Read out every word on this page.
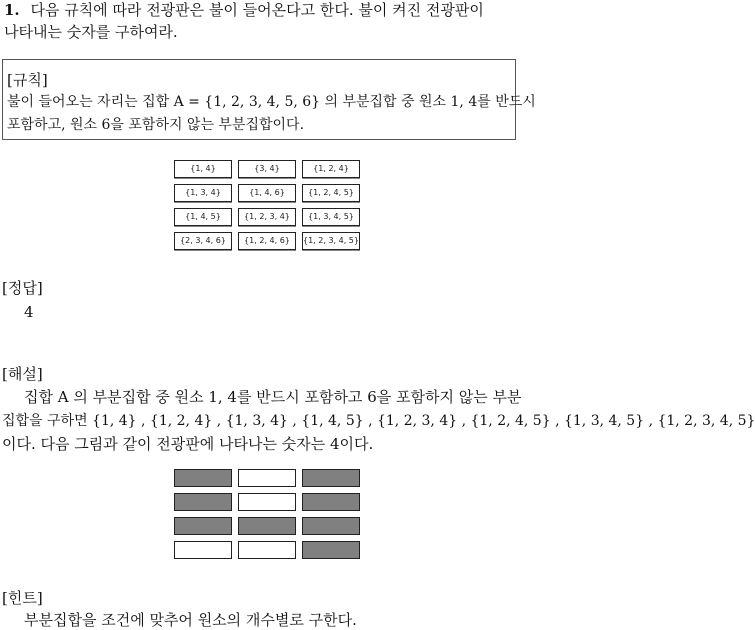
1. 다음 규칙에 따라 전광판은 불이 들어온다고 한다. 불이 켜진 전광판이
나타내는 숫자를 구하여라.
[규칙]
불이 들어오는 자리는 집합 A = {1, 2, 3, 4, 5, 6} 의 부분집합 중 원소 1, 4를 반드시
포함하고, 원소 6을 포함하지 않는 부분집합이다.
{1, 4}	{3, 4}	{1, 2, 4}
{1, 3, 4}	{1, 4, 6}	{1, 2, 4, 5}
{1, 4, 5}	{1, 2, 3, 4}	{1, 3, 4, 5}
{2, 3, 4, 6}	{1, 2, 4, 6}	{1, 2, 3, 4, 5}
[정답]
4
[해설]
집합 A 의 부분집합 중 원소 1, 4를 반드시 포함하고 6을 포함하지 않는 부분
집합을 구하면 {1, 4} , {1, 2, 4} , {1, 3, 4} , {1, 4, 5} , {1, 2, 3, 4} , {1, 2, 4, 5} , {1, 3, 4, 5} , {1, 2, 3, 4, 5}
이다. 다음 그림과 같이 전광판에 나타나는 숫자는 4이다.
[힌트]
부분집합을 조건에 맞추어 원소의 개수별로 구한다.
